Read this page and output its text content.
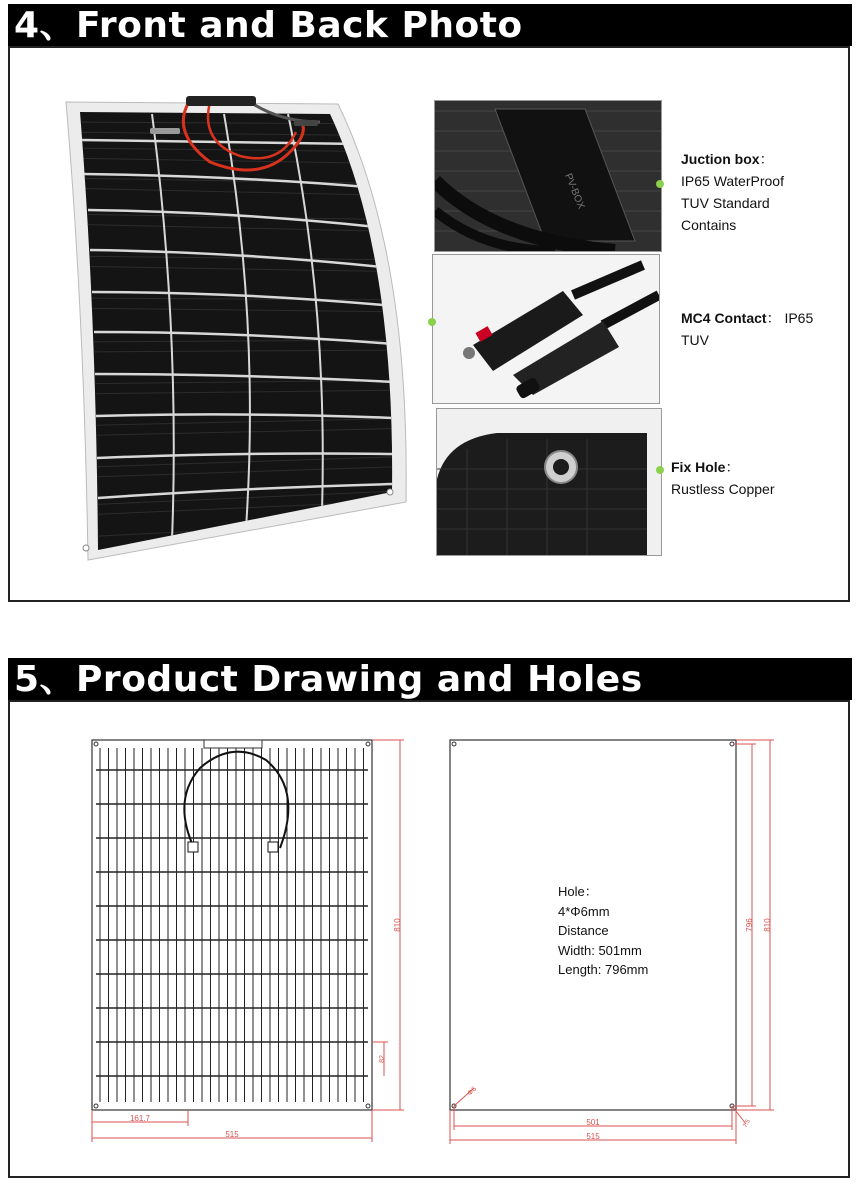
4、Front and Back Photo
PV-BOX
Juction box：
IP65 WaterProof
TUV Standard
Contains
MC4 Contact： IP65
TUV
Fix Hole：
Rustless Copper
5、Product Drawing and Holes
810
82
515
161.7
810
796
501
515
Φ6
7.5
Hole：
4*Φ6mm
Distance
Width: 501mm
Length: 796mm
